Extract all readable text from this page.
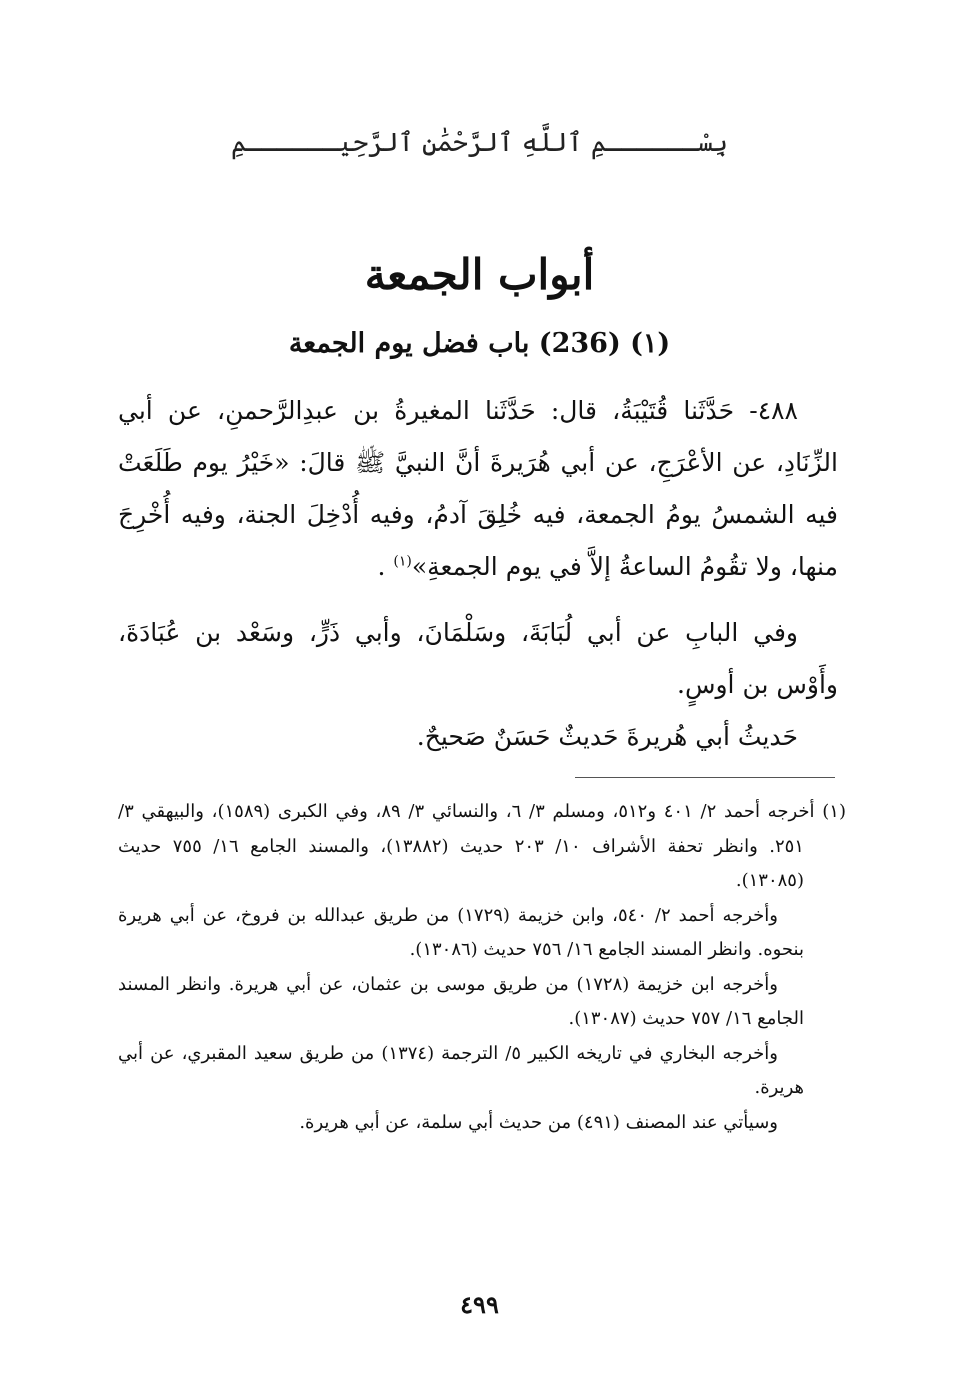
بِسْــــــمِ ٱللَّهِ ٱلرَّحْمَٰنِ ٱلرَّحِيــــــمِ
أبواب الجمعة
(١) (236) باب فضل يوم الجمعة

٤٨٨- حَدَّثَنا قُتَيْبَةُ، قال: حَدَّثَنا المغيرةُ بن عبدِالرَّحمنِ، عن أبي الزِّنَادِ، عن الأعْرَجِ، عن أبي هُرَيرةَ أنَّ النبيَّ ﷺ قالَ: «خَيْرُ يوم طَلَعَتْ فيه الشمسُ يومُ الجمعة، فيه خُلِقَ آدمُ، وفيه أُدْخِلَ الجنة، وفيه أُخْرِجَ منها، ولا تقُومُ الساعةُ إلاَّ في يوم الجمعةِ»$^{(١)}$ .

وفي البابِ عن أبي لُبَابَةَ، وسَلْمَانَ، وأبي ذَرٍّ، وسَعْد بن عُبَادَةَ، وأَوْس بن أوسٍ.

حَديثُ أبي هُريرةَ حَديثٌ حَسَنٌ صَحيحٌ.

(١) أخرجه أحمد ٢/ ٤٠١ و٥١٢، ومسلم ٣/ ٦، والنسائي ٣/ ٨٩، وفي الكبرى (١٥٨٩)، والبيهقي ٣/ ٢٥١. وانظر تحفة الأشراف ١٠/ ٢٠٣ حديث (١٣٨٨٢)، والمسند الجامع ١٦/ ٧٥٥ حديث (١٣٠٨٥).

وأخرجه أحمد ٢/ ٥٤٠، وابن خزيمة (١٧٢٩) من طريق عبدالله بن فروخ، عن أبي هريرة بنحوه. وانظر المسند الجامع ١٦/ ٧٥٦ حديث (١٣٠٨٦).

وأخرجه ابن خزيمة (١٧٢٨) من طريق موسى بن عثمان، عن أبي هريرة. وانظر المسند الجامع ١٦/ ٧٥٧ حديث (١٣٠٨٧).

وأخرجه البخاري في تاريخه الكبير ٥/ الترجمة (١٣٧٤) من طريق سعيد المقبري، عن أبي هريرة.

وسيأتي عند المصنف (٤٩١) من حديث أبي سلمة، عن أبي هريرة.

٤٩٩
